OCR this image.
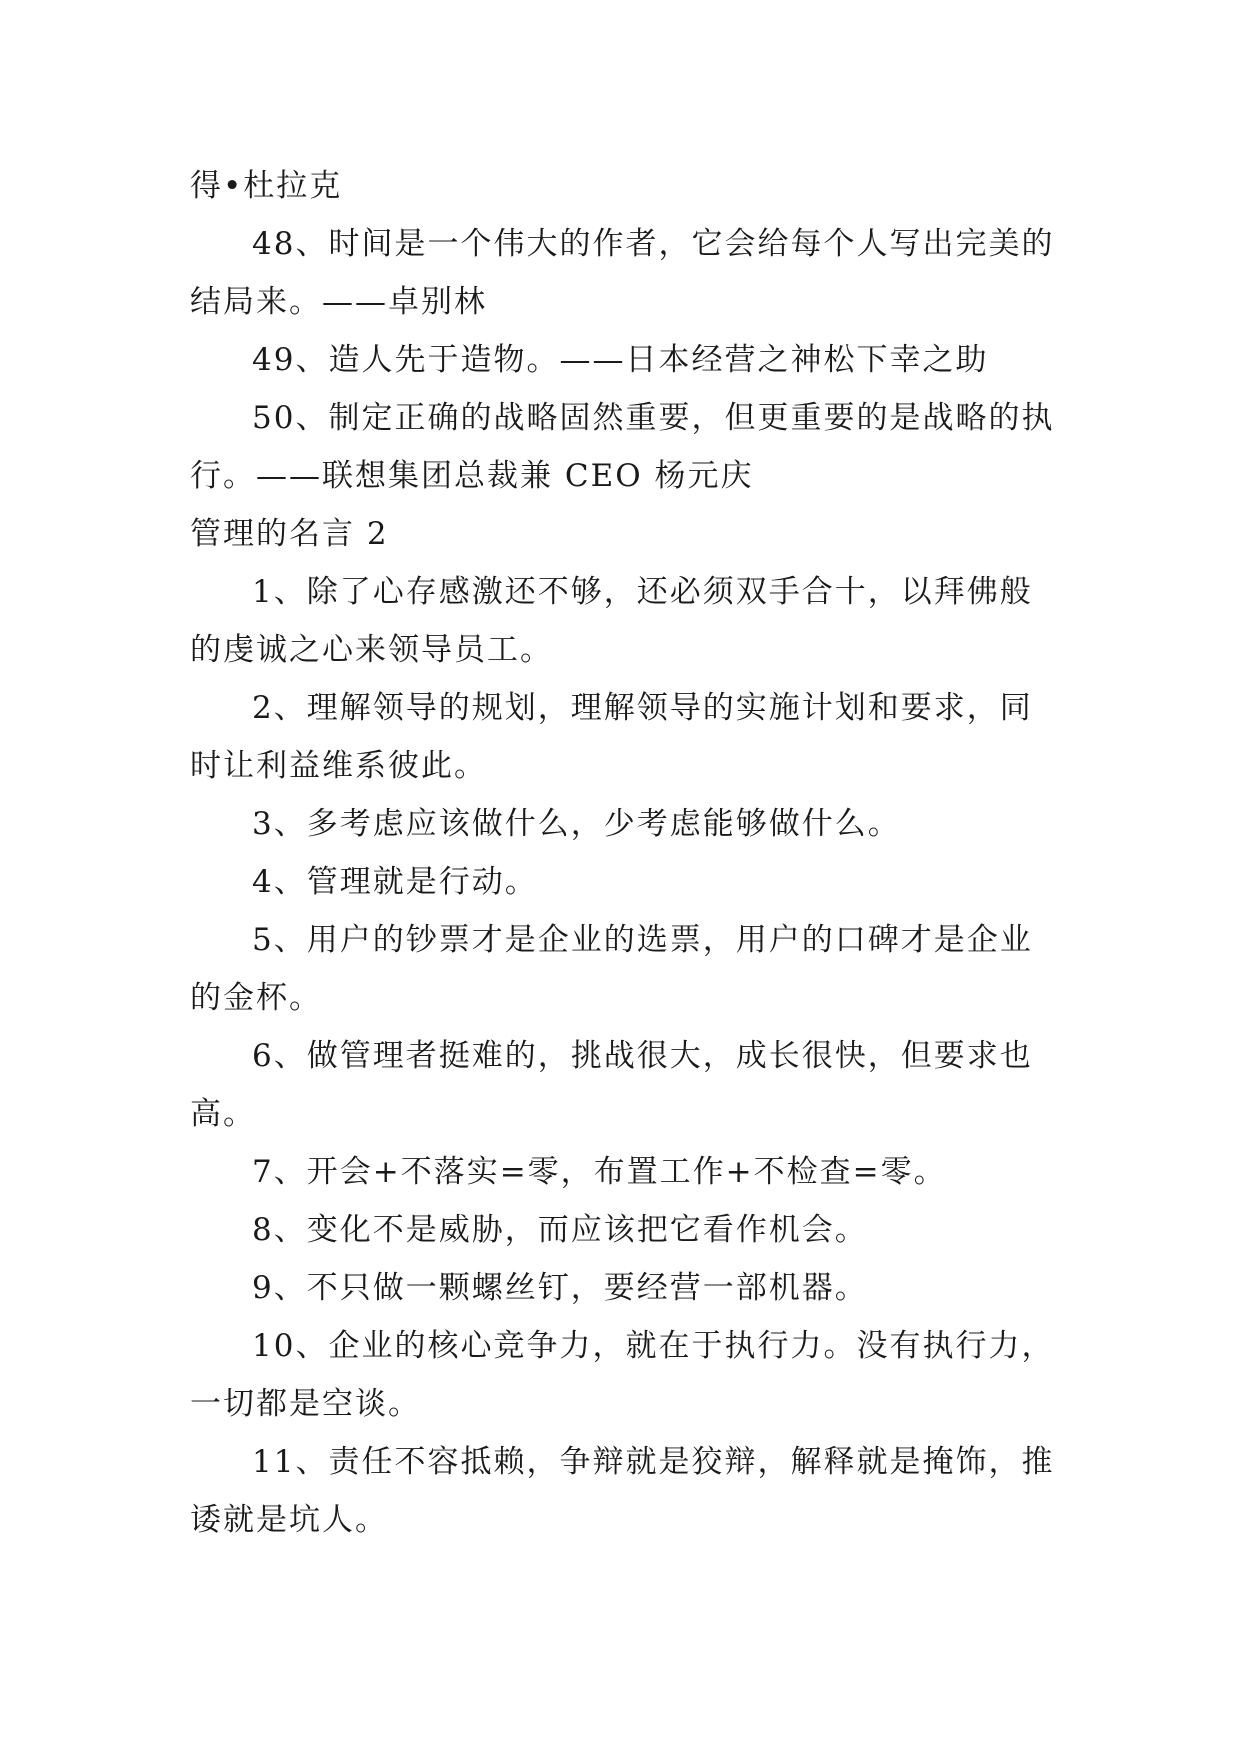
得•杜拉克
48、时间是一个伟大的作者，它会给每个人写出完美的
结局来。——卓别林
49、造人先于造物。——日本经营之神松下幸之助
50、制定正确的战略固然重要，但更重要的是战略的执
行。——联想集团总裁兼 CEO 杨元庆
管理的名言 2
1、除了心存感激还不够，还必须双手合十，以拜佛般
的虔诚之心来领导员工。
2、理解领导的规划，理解领导的实施计划和要求，同
时让利益维系彼此。
3、多考虑应该做什么，少考虑能够做什么。
4、管理就是行动。
5、用户的钞票才是企业的选票，用户的口碑才是企业
的金杯。
6、做管理者挺难的，挑战很大，成长很快，但要求也
高。
7、开会+不落实=零，布置工作+不检查=零。
8、变化不是威胁，而应该把它看作机会。
9、不只做一颗螺丝钉，要经营一部机器。
10、企业的核心竞争力，就在于执行力。没有执行力，
一切都是空谈。
11、责任不容抵赖，争辩就是狡辩，解释就是掩饰，推
诿就是坑人。
